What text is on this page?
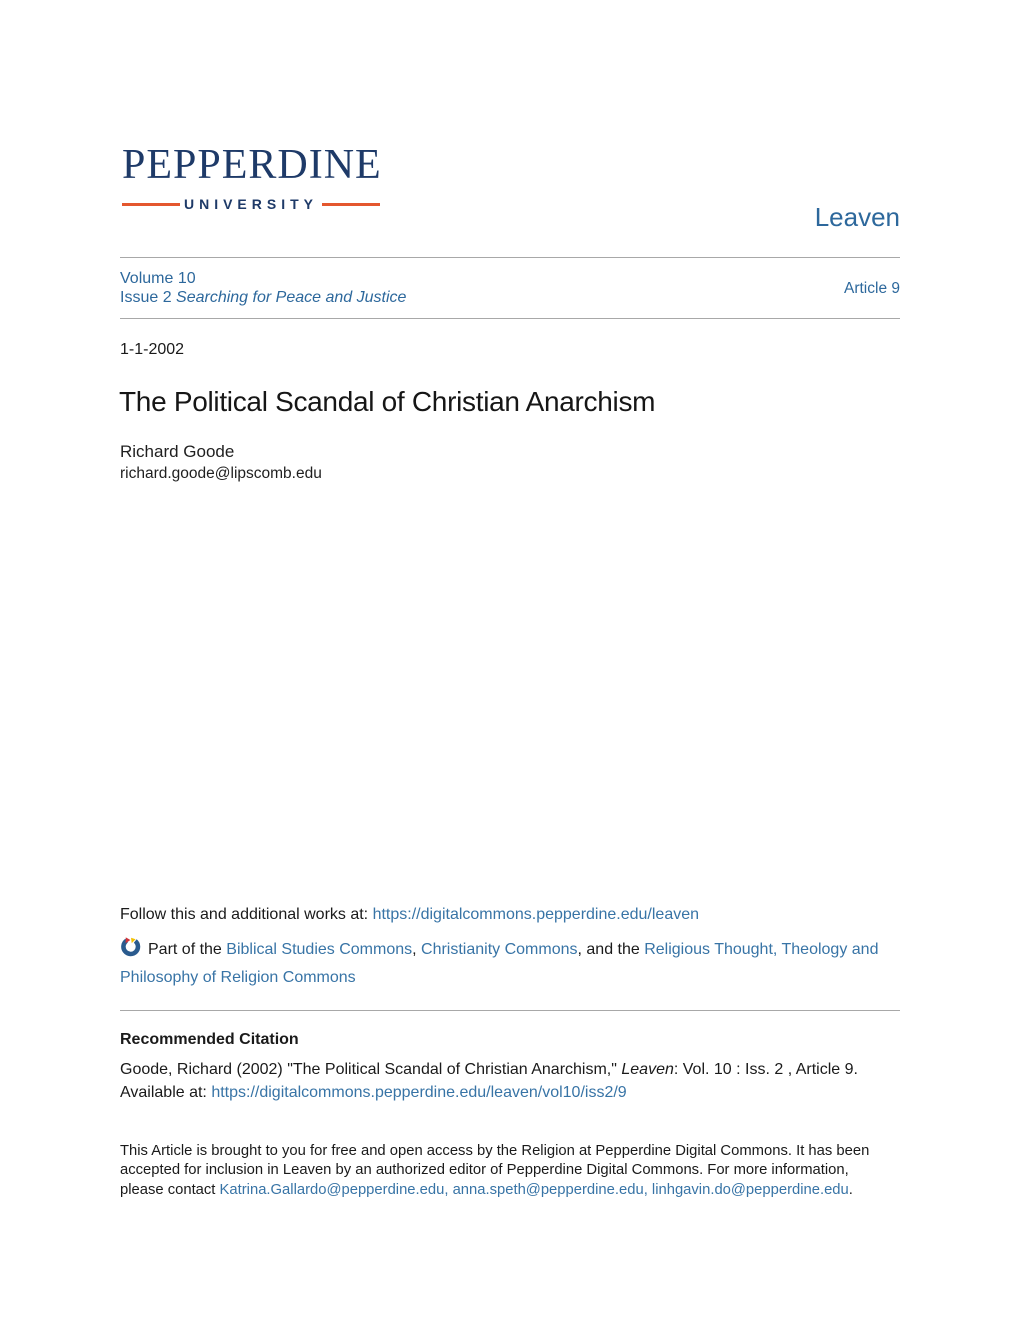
PEPPERDINE
UNIVERSITY	Leaven
Volume 10
Issue 2 Searching for Peace and Justice
Article 9
1-1-2002
The Political Scandal of Christian Anarchism
Richard Goode
richard.goode@lipscomb.edu
Follow this and additional works at: https://digitalcommons.pepperdine.edu/leaven
Part of the Biblical Studies Commons, Christianity Commons, and the Religious Thought, Theology and Philosophy of Religion Commons
Recommended Citation
Goode, Richard (2002) "The Political Scandal of Christian Anarchism," Leaven: Vol. 10 : Iss. 2 , Article 9.
Available at: https://digitalcommons.pepperdine.edu/leaven/vol10/iss2/9
This Article is brought to you for free and open access by the Religion at Pepperdine Digital Commons. It has been accepted for inclusion in Leaven by an authorized editor of Pepperdine Digital Commons. For more information, please contact Katrina.Gallardo@pepperdine.edu, anna.speth@pepperdine.edu, linhgavin.do@pepperdine.edu.
